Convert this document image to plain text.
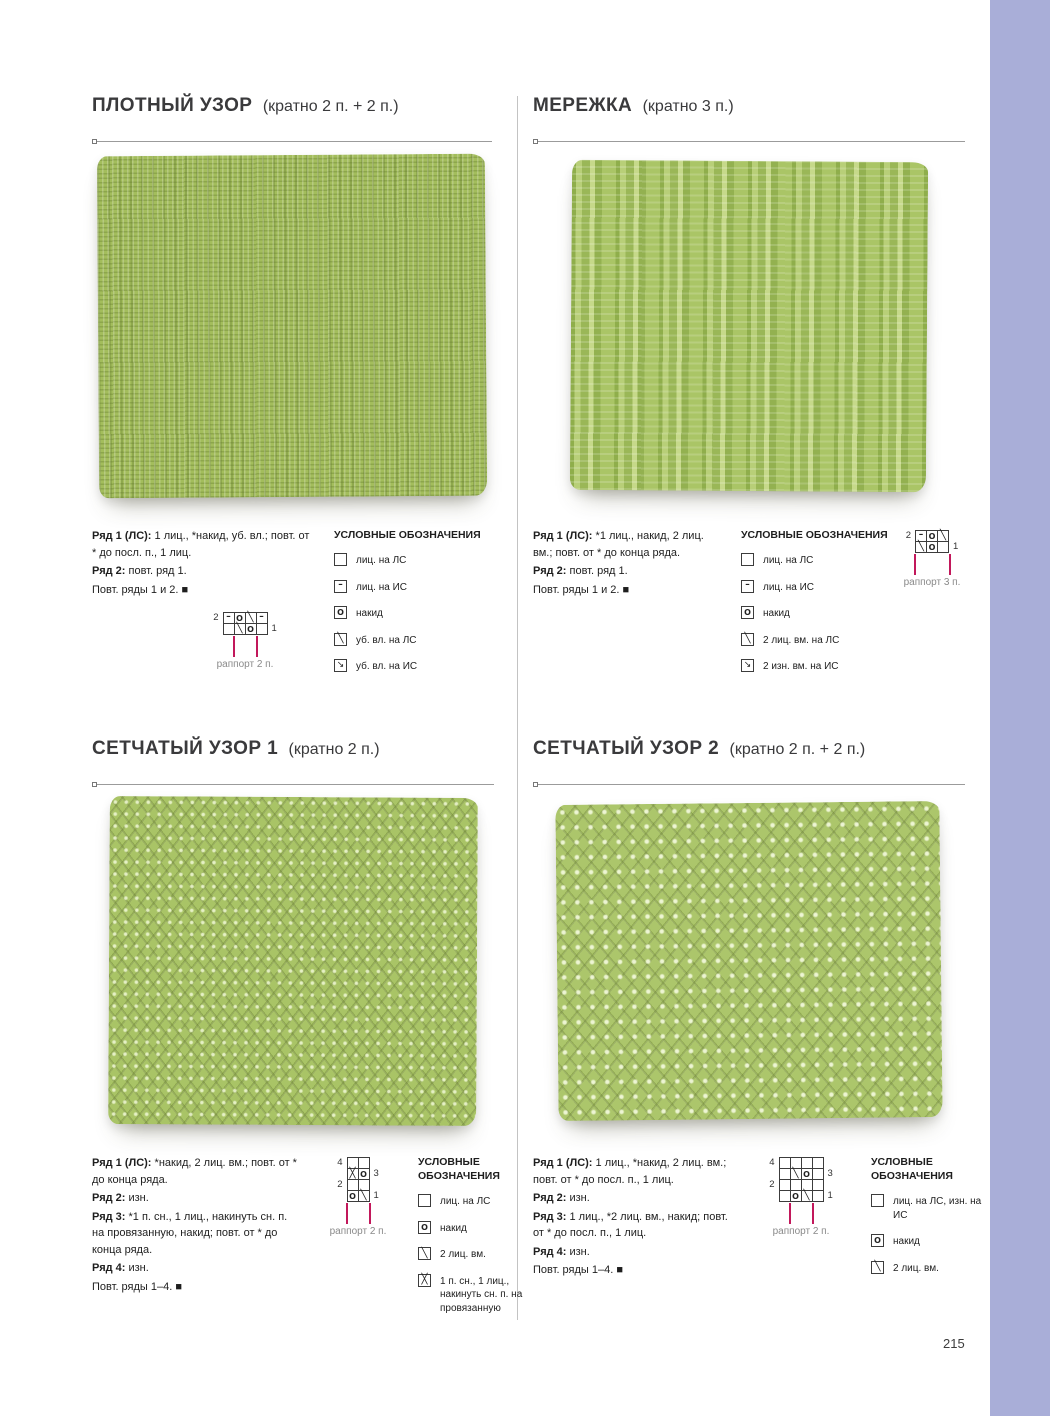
ПЛОТНЫЙ УЗОР (кратно 2 п. + 2 п.)

Ряд 1 (ЛС): 1 лиц., *накид, уб. вл.; повт. от * до посл. п., 1 лиц.

Ряд 2: повт. ряд 1.

Повт. ряды 1 и 2. ■

2
–
O
╲
–
╲
O
1
раппорт 2 п.
УСЛОВНЫЕ ОБОЗНАЧЕНИЯ
лиц. на ЛС
–
лиц. на ИС
O
накид
╲
уб. вл. на ЛС
↘
уб. вл. на ИС
МЕРЕЖКА (кратно 3 п.)

Ряд 1 (ЛС): *1 лиц., накид, 2 лиц. вм.; повт. от * до конца ряда.

Ряд 2: повт. ряд 1.

Повт. ряды 1 и 2. ■

УСЛОВНЫЕ ОБОЗНАЧЕНИЯ
лиц. на ЛС
–
лиц. на ИС
O
накид
╲
2 лиц. вм. на ЛС
↘
2 изн. вм. на ИС
2
–
O
╲
╲
O
1
раппорт 3 п.
СЕТЧАТЫЙ УЗОР 1 (кратно 2 п.)

Ряд 1 (ЛС): *накид, 2 лиц. вм.; повт. от * до конца ряда.

Ряд 2: изн.

Ряд 3: *1 п. сн., 1 лиц., накинуть сн. п. на провязанную, накид; повт. от * до конца ряда.

Ряд 4: изн.

Повт. ряды 1–4. ■

4
╳
O
3
2
O
╲
1
раппорт 2 п.
УСЛОВНЫЕ ОБОЗНАЧЕНИЯ
лиц. на ЛС
O
накид
╲
2 лиц. вм.
╳
1 п. сн., 1 лиц., накинуть сн. п. на провязанную
СЕТЧАТЫЙ УЗОР 2 (кратно 2 п. + 2 п.)

Ряд 1 (ЛС): 1 лиц., *накид, 2 лиц. вм.; повт. от * до посл. п., 1 лиц.

Ряд 2: изн.

Ряд 3: 1 лиц., *2 лиц. вм., накид; повт. от * до посл. п., 1 лиц.

Ряд 4: изн.

Повт. ряды 1–4. ■

4
╲
O
3
2
O
╲
1
раппорт 2 п.
УСЛОВНЫЕ ОБОЗНАЧЕНИЯ
лиц. на ЛС, изн. на ИС
O
накид
╲
2 лиц. вм.
215
